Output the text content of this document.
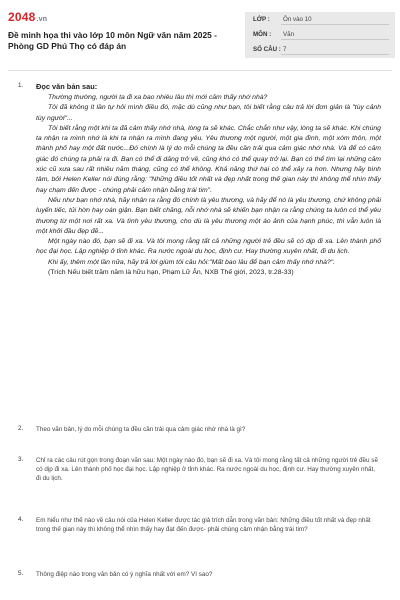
2048.vn
Đề minh họa thi vào lớp 10 môn Ngữ văn năm 2025 - Phòng GD Phú Thọ có đáp án
LỚP : Ôn vào 10
MÔN : Văn
SỐ CÂU : 7
1.	Đọc văn bản sau:

Thường thường, người ta đi xa bao nhiêu lâu thì mới cảm thấy nhớ nhà?

Tôi đã không ít lần tự hỏi mình điều đó, mặc dù cũng như bạn, tôi biết rằng câu trả lời đơn giản là "tùy cảnh tùy người"...

Tôi biết rằng một khi ta đã cảm thấy nhớ nhà, lòng ta sẽ khác. Chắc chắn như vậy, lòng ta sẽ khác. Khi chúng ta nhận ra mình nhớ là khi ta nhận ra mình đang yêu. Yêu thương một người, một gia đình, một xóm thôn, một thành phố hay một đất nước...Đó chính là lý do mỗi chúng ta đều cần trải qua cảm giác nhớ nhà. Và để có cảm giác đó chúng ta phải ra đi. Bạn có thể đi dăng trở về, cũng khó có thể quay trở lại. Bạn có thể tìm lại những cảm xúc cũ xưa sau rất nhiều năm tháng, cũng có thể không. Khả năng thứ hai có thể xảy ra hơn. Nhưng hãy bình tâm, bởi Helen Keller nói đúng rằng: "Những điều tốt nhất và đẹp nhất trong thế gian này thì không thể nhìn thấy hay chạm đến được - chúng phải cảm nhận bằng trái tim".

Nếu như bạn nhớ nhà, hãy nhận ra rằng đó chính là yêu thương, và hãy để nó là yêu thương, chứ không phải luyến tiếc, tủi hờn hay oán giận. Bạn biết chăng, nỗi nhớ nhà sẽ khiến bạn nhận ra rằng chúng ta luôn có thể yêu thương từ một nơi rất xa. Và tình yêu thương, cho dù là yêu thương một áo ảnh của hạnh phúc, thì vẫn luôn là một khởi đầu đẹp đẽ...

Một ngày nào đó, bạn sẽ đi xa. Và tôi mong rằng tất cả những người trẻ đều sẽ có dịp đi xa. Lên thành phố học đại học. Lập nghiệp ở tỉnh khác. Ra nước ngoài du học, định cư. Hay thường xuyên nhất, đi du lịch.

Khi ấy, thêm một lần nữa, hãy trả lời giùm tôi câu hỏi:"Mất bao lâu để bạn cảm thấy nhớ nhà?".

(Trích Nếu biết trăm năm là hữu hạn, Phạm Lữ Ân, NXB Thế giới, 2023, tr.28-33)

2.	Theo văn bản, lý do mỗi chúng ta đều cần trải qua cảm giác nhớ nhà là gì?
3.	Chỉ ra các câu rút gọn trong đoạn văn sau: Một ngày nào đó, bạn sẽ đi xa. Và tôi mong rằng tất cả những người trẻ đều sẽ có dịp đi xa. Lên thành phố học đại học. Lập nghiệp ở tỉnh khác. Ra nước ngoài du học, định cư. Hay thường xuyên nhất, đi du lịch.
4.	Em hiểu như thế nào về câu nói của Helen Keller được tác giả trích dẫn trong văn bản: Những điều tốt nhất và đẹp nhất trong thế gian này thì không thể nhìn thấy hay đạt đến được- phải chúng cảm nhận bằng trái tim?
5.	Thông điệp nào trong văn bản có ý nghĩa nhất với em? Vì sao?
